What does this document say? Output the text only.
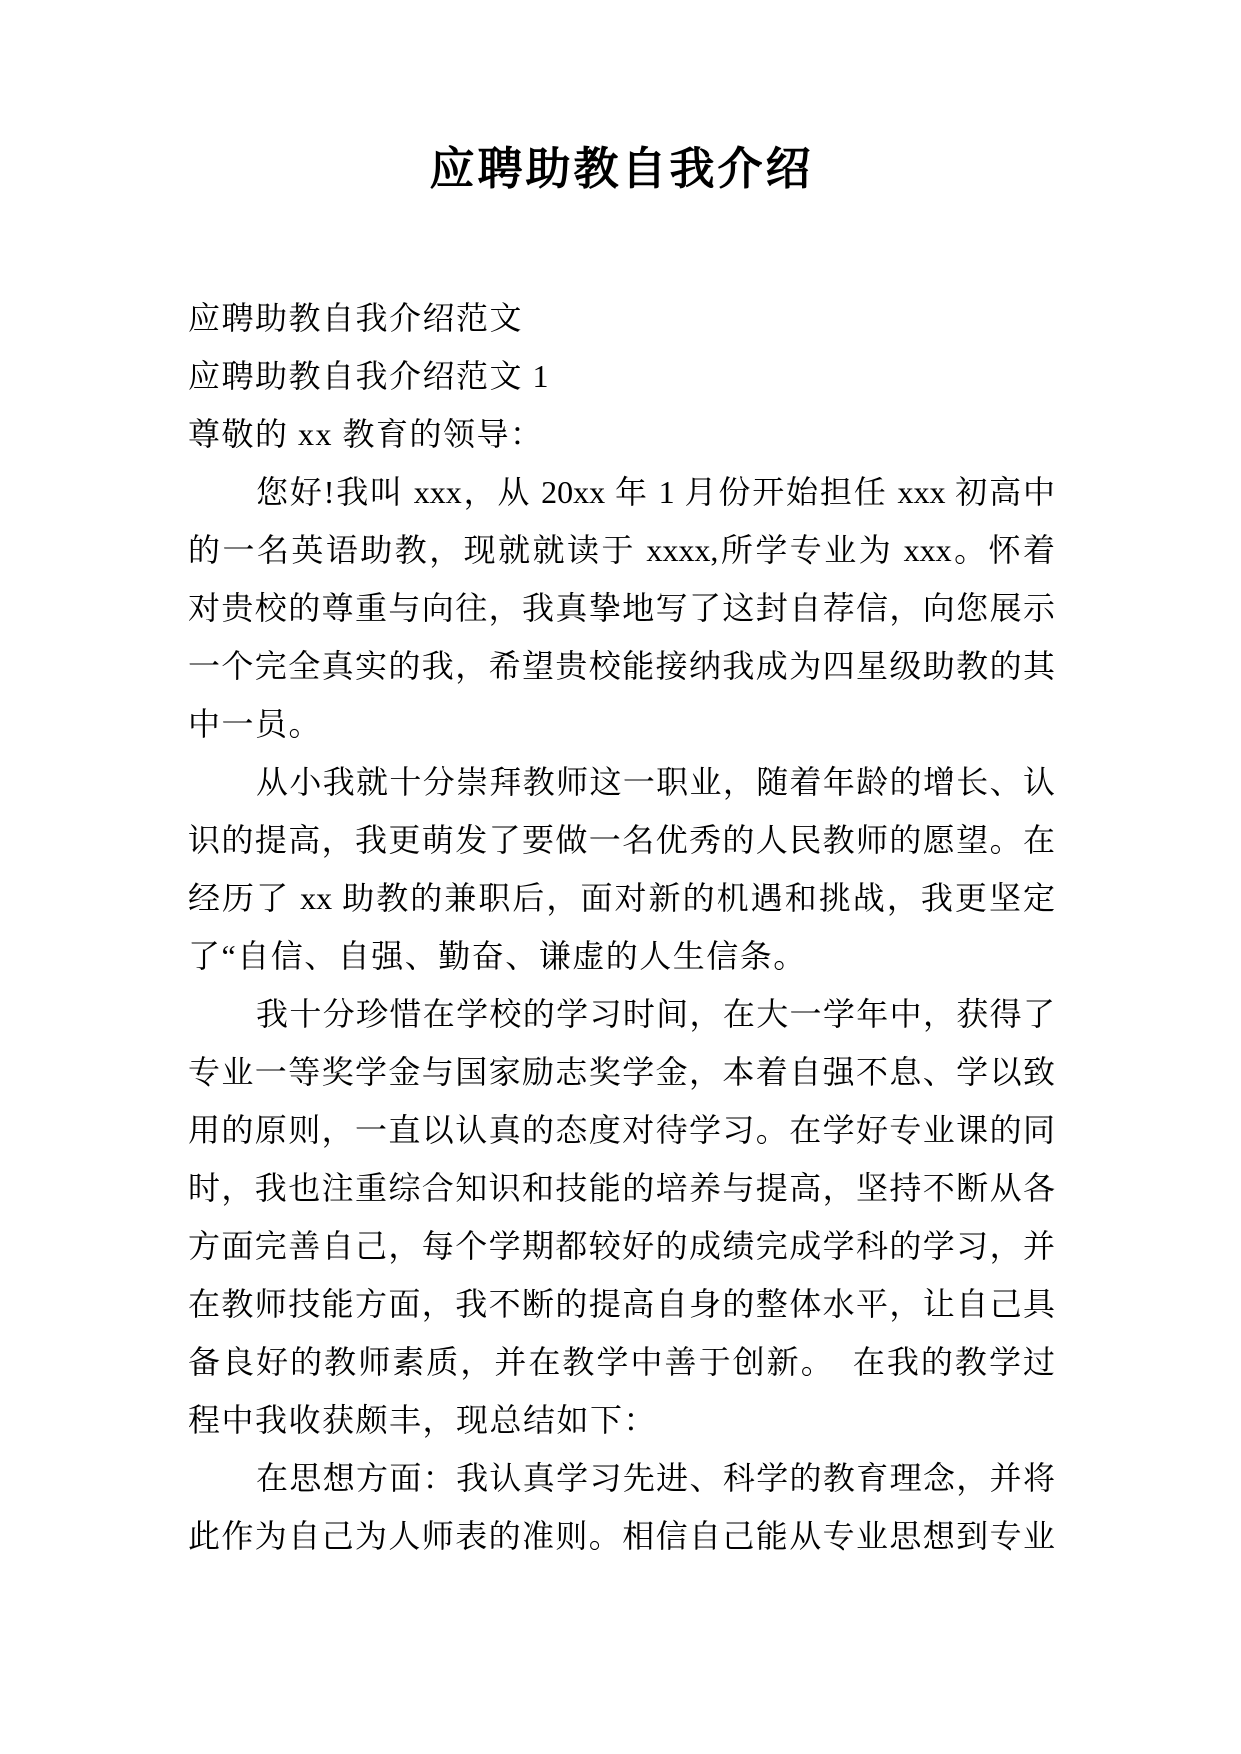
应聘助教自我介绍
应聘助教自我介绍范文
应聘助教自我介绍范文 1
尊敬的 xx 教育的领导：
您好!我叫 xxx，从 20xx 年 1 月份开始担任 xxx 初高中
的一名英语助教，现就就读于 xxxx,所学专业为 xxx。怀着
对贵校的尊重与向往，我真挚地写了这封自荐信，向您展示
一个完全真实的我，希望贵校能接纳我成为四星级助教的其
中一员。
从小我就十分崇拜教师这一职业，随着年龄的增长、认
识的提高，我更萌发了要做一名优秀的人民教师的愿望。在
经历了 xx 助教的兼职后，面对新的机遇和挑战，我更坚定
了“自信、自强、勤奋、谦虚的人生信条。
我十分珍惜在学校的学习时间，在大一学年中，获得了
专业一等奖学金与国家励志奖学金，本着自强不息、学以致
用的原则，一直以认真的态度对待学习。在学好专业课的同
时，我也注重综合知识和技能的培养与提高，坚持不断从各
方面完善自己，每个学期都较好的成绩完成学科的学习，并
在教师技能方面，我不断的提高自身的整体水平，让自己具
备良好的教师素质，并在教学中善于创新。　在我的教学过
程中我收获颇丰，现总结如下：
在思想方面：我认真学习先进、科学的教育理念，并将
此作为自己为人师表的准则。相信自己能从专业思想到专业
